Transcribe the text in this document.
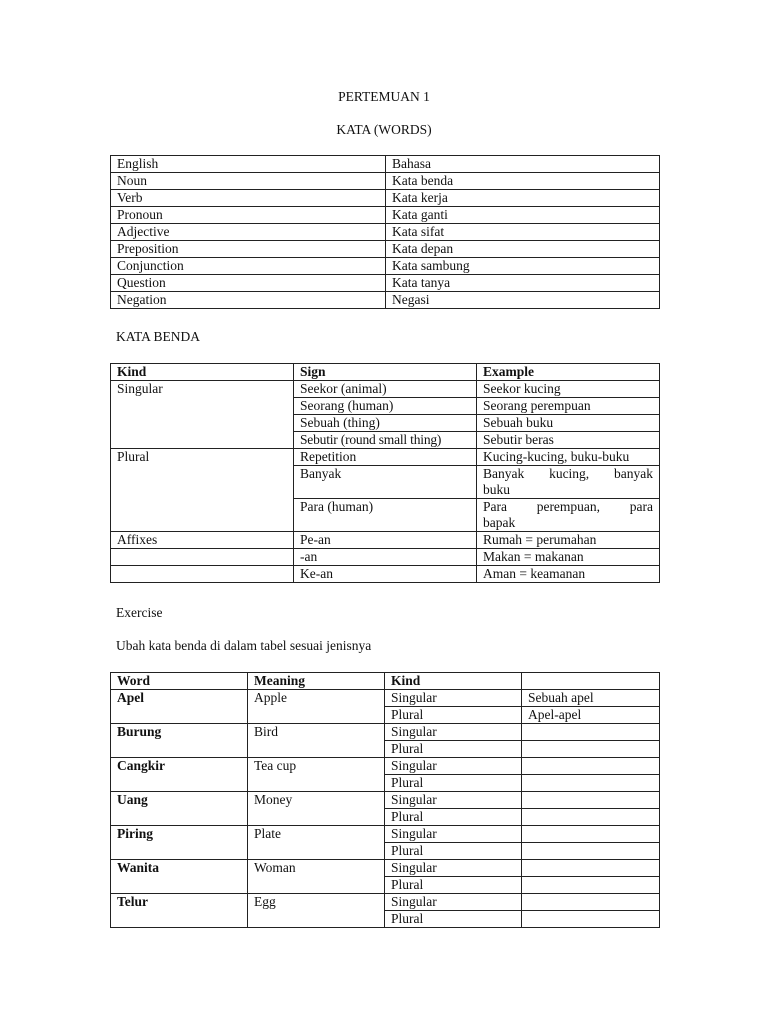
PERTEMUAN 1
KATA (WORDS)
English	Bahasa
Noun	Kata benda
Verb	Kata kerja
Pronoun	Kata ganti
Adjective	Kata sifat
Preposition	Kata depan
Conjunction	Kata sambung
Question	Kata tanya
Negation	Negasi
KATA BENDA
Kind	Sign	Example
Singular	Seekor (animal)	Seekor kucing
	Seorang (human)	Seorang perempuan
	Sebuah (thing)	Sebuah buku
	Sebutir (round small thing)	Sebutir beras
Plural	Repetition	Kucing-kucing, buku-buku
	Banyak	Banyak kucing, banyak
buku

	Para (human)	Para perempuan, para
bapak

Affixes	Pe-an	Rumah = perumahan
	-an	Makan = makanan
	Ke-an	Aman = keamanan
Exercise
Ubah kata benda di dalam tabel sesuai jenisnya
Word	Meaning	Kind	
Apel	Apple	Singular	Sebuah apel
		Plural	Apel-apel
Burung	Bird	Singular	
		Plural	
Cangkir	Tea cup	Singular	
		Plural	
Uang	Money	Singular	
		Plural	
Piring	Plate	Singular	
		Plural	
Wanita	Woman	Singular	
		Plural	
Telur	Egg	Singular	
		Plural	
